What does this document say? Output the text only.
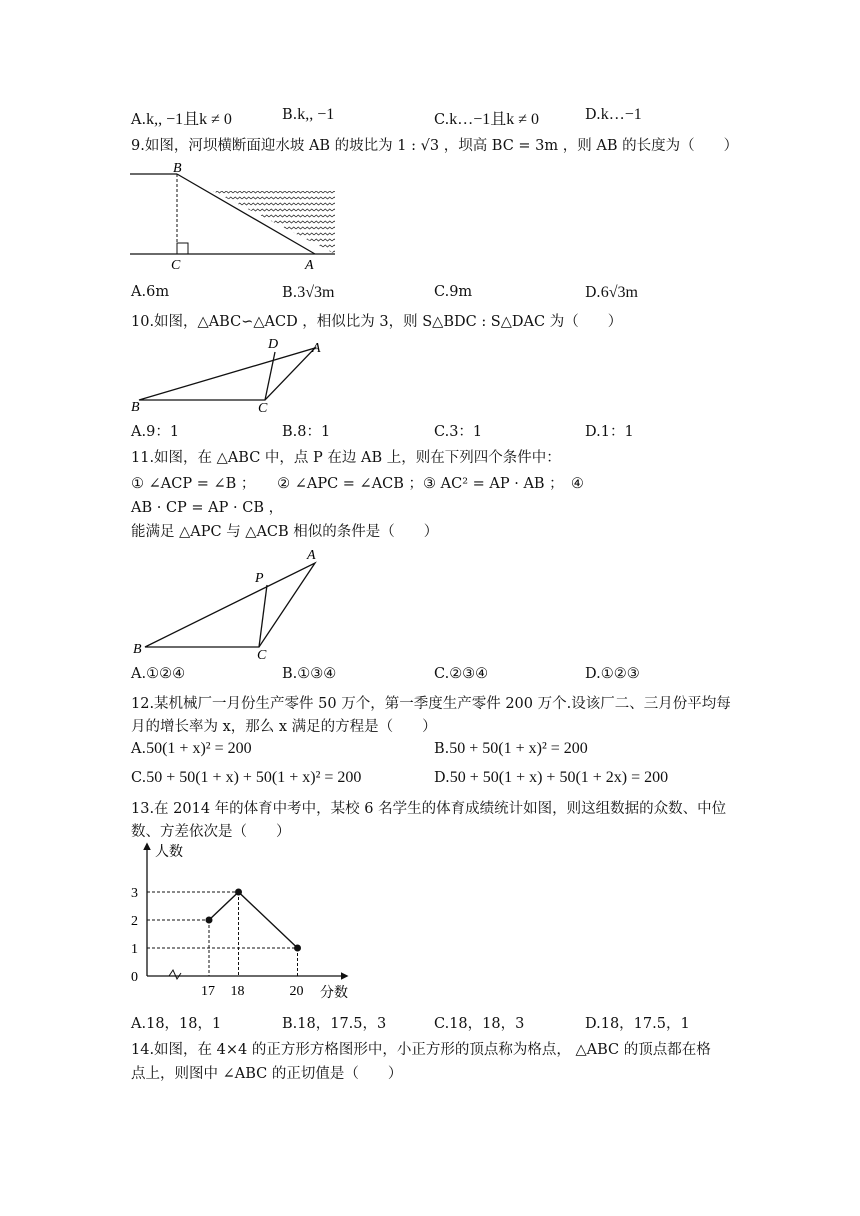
A.k,, −1且k ≠ 0	B.k,, −1	C.k…−1且k ≠ 0	D.k…−1
9.如图，河坝横断面迎水坡 AB 的坡比为 1 : √3 ，坝高 BC = 3m ，则 AB 的长度为（　　）
B
C	A
A.6m	B.3√3m	C.9m	D.6√3m
10.如图，△ABC∽△ACD ，相似比为 3，则 S△BDC : S△DAC 为（　　）
D A
B	C
A.9：1	B.8：1	C.3：1	D.1：1
11.如图，在 △ABC 中，点 P 在边 AB 上，则在下列四个条件中：
① ∠ACP = ∠B ；　　② ∠APC = ∠ACB ；③ AC² = AP · AB ；　④
AB · CP = AP · CB ，
能满足 △APC 与 △ACB 相似的条件是（　　）
A
P
B	C
A.①②④	B.①③④	C.②③④	D.①②③
12.某机械厂一月份生产零件 50 万个，第一季度生产零件 200 万个.设该厂二、三月份平均每
月的增长率为 x，那么 x 满足的方程是（　　）
A.50(1 + x)² = 200	B.50 + 50(1 + x)² = 200
C.50 + 50(1 + x) + 50(1 + x)² = 200	D.50 + 50(1 + x) + 50(1 + 2x) = 200
13.在 2014 年的体育中考中，某校 6 名学生的体育成绩统计如图，则这组数据的众数、中位
数、方差依次是（　　）
人数
分数
0
1
2
3
17 18	20
A.18，18，1	B.18，17.5，3	C.18，18，3	D.18，17.5，1
14.如图，在 4×4 的正方形方格图形中，小正方形的顶点称为格点， △ABC 的顶点都在格
点上，则图中 ∠ABC 的正切值是（　　）
